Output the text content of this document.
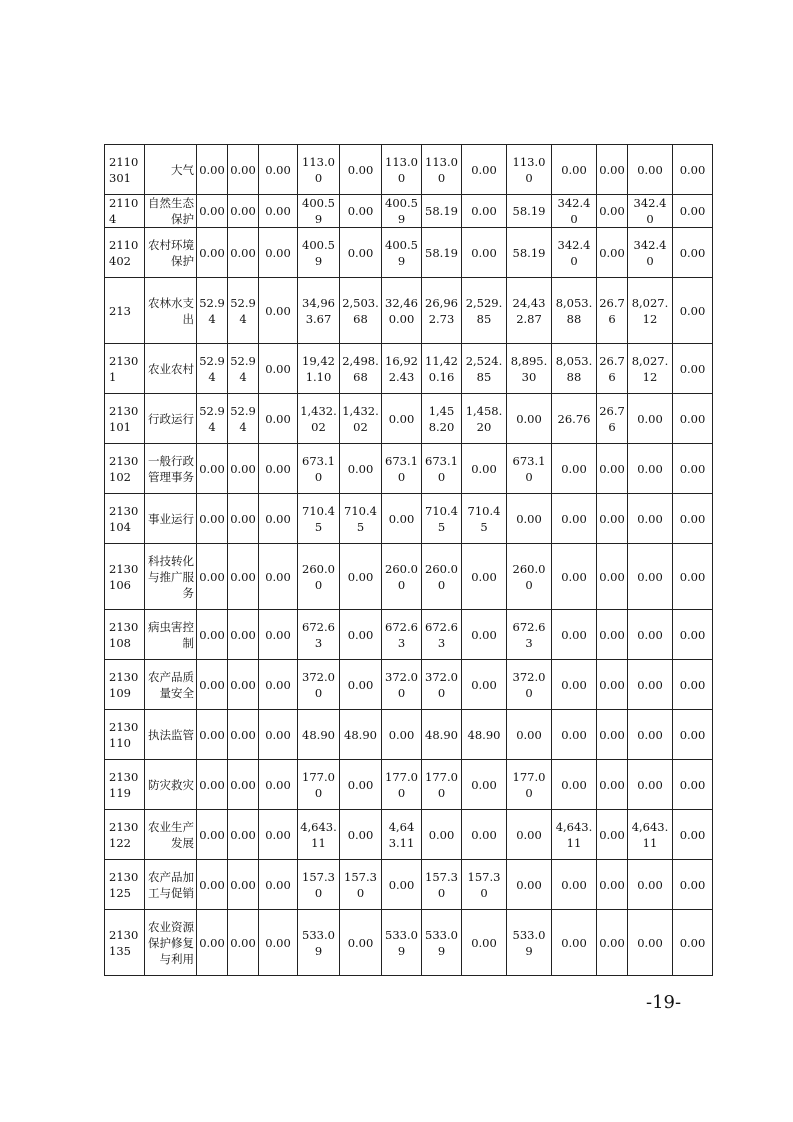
2110301	大气	0.00	0.00	0.00	113.00	0.00	113.00	113.00	0.00	113.00	0.00	0.00	0.00	0.00
21104	自然生态保护	0.00	0.00	0.00	400.59	0.00	400.59	58.19	0.00	58.19	342.40	0.00	342.40	0.00
2110402	农村环境保护	0.00	0.00	0.00	400.59	0.00	400.59	58.19	0.00	58.19	342.40	0.00	342.40	0.00
213	农林水支出	52.94	52.94	0.00	34,963.67	2,503.68	32,460.00	26,962.73	2,529.85	24,432.87	8,053.88	26.76	8,027.12	0.00
21301	农业农村	52.94	52.94	0.00	19,421.10	2,498.68	16,922.43	11,420.16	2,524.85	8,895.30	8,053.88	26.76	8,027.12	0.00
2130101	行政运行	52.94	52.94	0.00	1,432.02	1,432.02	0.00	1,458.20	1,458.20	0.00	26.76	26.76	0.00	0.00
2130102	一般行政管理事务	0.00	0.00	0.00	673.10	0.00	673.10	673.10	0.00	673.10	0.00	0.00	0.00	0.00
2130104	事业运行	0.00	0.00	0.00	710.45	710.45	0.00	710.45	710.45	0.00	0.00	0.00	0.00	0.00
2130106	科技转化与推广服务	0.00	0.00	0.00	260.00	0.00	260.00	260.00	0.00	260.00	0.00	0.00	0.00	0.00
2130108	病虫害控制	0.00	0.00	0.00	672.63	0.00	672.63	672.63	0.00	672.63	0.00	0.00	0.00	0.00
2130109	农产品质量安全	0.00	0.00	0.00	372.00	0.00	372.00	372.00	0.00	372.00	0.00	0.00	0.00	0.00
2130110	执法监管	0.00	0.00	0.00	48.90	48.90	0.00	48.90	48.90	0.00	0.00	0.00	0.00	0.00
2130119	防灾救灾	0.00	0.00	0.00	177.00	0.00	177.00	177.00	0.00	177.00	0.00	0.00	0.00	0.00
2130122	农业生产发展	0.00	0.00	0.00	4,643.11	0.00	4,643.11	0.00	0.00	0.00	4,643.11	0.00	4,643.11	0.00
2130125	农产品加工与促销	0.00	0.00	0.00	157.30	157.30	0.00	157.30	157.30	0.00	0.00	0.00	0.00	0.00
2130135	农业资源保护修复与利用	0.00	0.00	0.00	533.09	0.00	533.09	533.09	0.00	533.09	0.00	0.00	0.00	0.00
-19-
